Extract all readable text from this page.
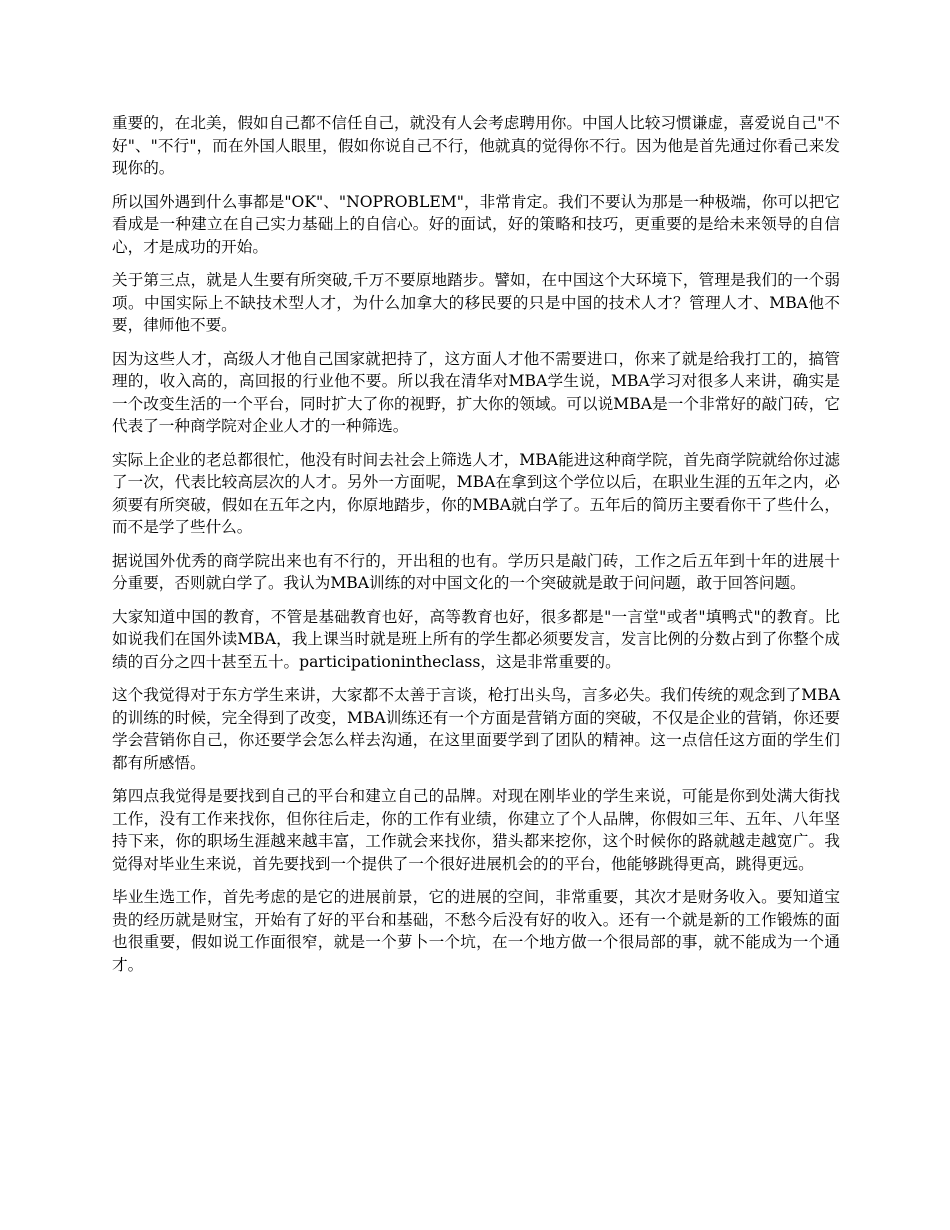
重要的，在北美，假如自己都不信任自己，就没有人会考虑聘用你。中国人比较习惯谦虚，喜爱说自己"不好"、"不行"，而在外国人眼里，假如你说自己不行，他就真的觉得你不行。因为他是首先通过你看己来发现你的。

所以国外遇到什么事都是"OK"、"NOPROBLEM"，非常肯定。我们不要认为那是一种极端，你可以把它看成是一种建立在自己实力基础上的自信心。好的面试，好的策略和技巧，更重要的是给未来领导的自信心，才是成功的开始。

关于第三点，就是人生要有所突破,千万不要原地踏步。譬如，在中国这个大环境下，管理是我们的一个弱项。中国实际上不缺技术型人才，为什么加拿大的移民要的只是中国的技术人才？管理人才、MBA他不要，律师他不要。

因为这些人才，高级人才他自己国家就把持了，这方面人才他不需要进口，你来了就是给我打工的，搞管理的，收入高的，高回报的行业他不要。所以我在清华对MBA学生说，MBA学习对很多人来讲，确实是一个改变生活的一个平台，同时扩大了你的视野，扩大你的领域。可以说MBA是一个非常好的敲门砖，它代表了一种商学院对企业人才的一种筛选。

实际上企业的老总都很忙，他没有时间去社会上筛选人才，MBA能进这种商学院，首先商学院就给你过滤了一次，代表比较高层次的人才。另外一方面呢，MBA在拿到这个学位以后，在职业生涯的五年之内，必须要有所突破，假如在五年之内，你原地踏步，你的MBA就白学了。五年后的简历主要看你干了些什么，而不是学了些什么。

据说国外优秀的商学院出来也有不行的，开出租的也有。学历只是敲门砖，工作之后五年到十年的进展十分重要，否则就白学了。我认为MBA训练的对中国文化的一个突破就是敢于问问题，敢于回答问题。

大家知道中国的教育，不管是基础教育也好，高等教育也好，很多都是"一言堂"或者"填鸭式"的教育。比如说我们在国外读MBA，我上课当时就是班上所有的学生都必须要发言，发言比例的分数占到了你整个成绩的百分之四十甚至五十。participationintheclass，这是非常重要的。

这个我觉得对于东方学生来讲，大家都不太善于言谈，枪打出头鸟，言多必失。我们传统的观念到了MBA的训练的时候，完全得到了改变，MBA训练还有一个方面是营销方面的突破，不仅是企业的营销，你还要学会营销你自己，你还要学会怎么样去沟通，在这里面要学到了团队的精神。这一点信任这方面的学生们都有所感悟。

第四点我觉得是要找到自己的平台和建立自己的品牌。对现在刚毕业的学生来说，可能是你到处满大街找工作，没有工作来找你，但你往后走，你的工作有业绩，你建立了个人品牌，你假如三年、五年、八年坚持下来，你的职场生涯越来越丰富，工作就会来找你，猎头都来挖你，这个时候你的路就越走越宽广。我觉得对毕业生来说，首先要找到一个提供了一个很好进展机会的的平台，他能够跳得更高，跳得更远。

毕业生选工作，首先考虑的是它的进展前景，它的进展的空间，非常重要，其次才是财务收入。要知道宝贵的经历就是财宝，开始有了好的平台和基础，不愁今后没有好的收入。还有一个就是新的工作锻炼的面也很重要，假如说工作面很窄，就是一个萝卜一个坑，在一个地方做一个很局部的事，就不能成为一个通才。
